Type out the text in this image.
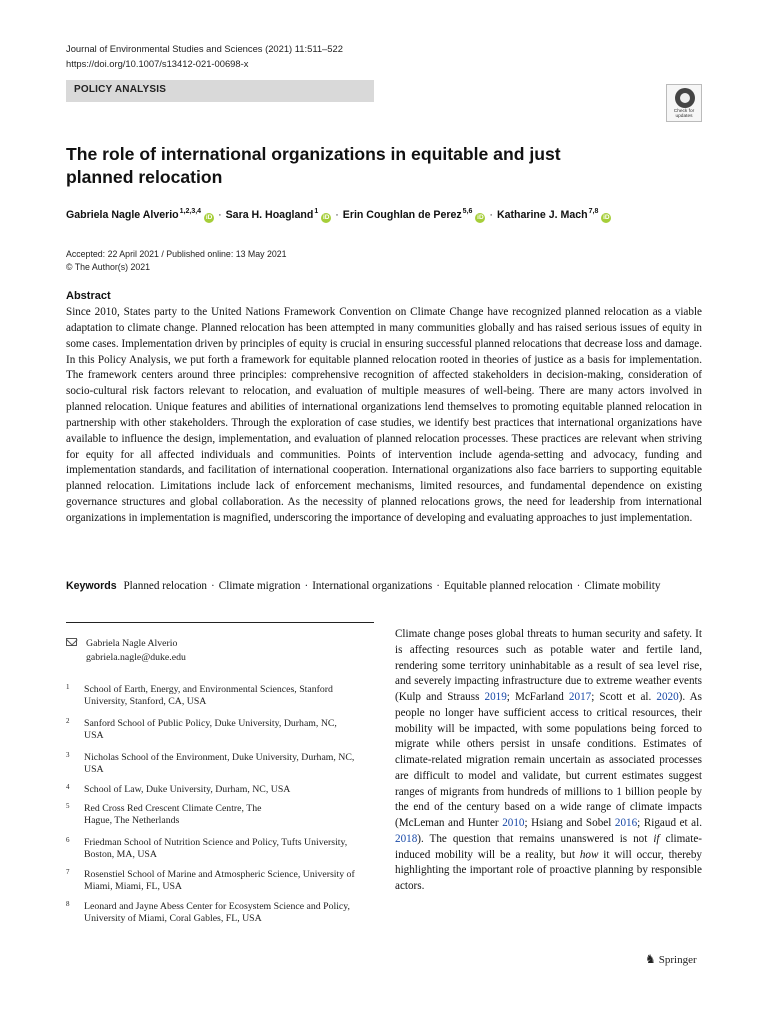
Journal of Environmental Studies and Sciences (2021) 11:511–522
https://doi.org/10.1007/s13412-021-00698-x
POLICY ANALYSIS
Check for
updates
The role of international organizations in equitable and just planned relocation
Gabriela Nagle Alverio$^{1,2,3,4}$iD · Sara H. Hoagland$^1$iD · Erin Coughlan de Perez$^{5,6}$iD · Katharine J. Mach$^{7,8}$iD
Accepted: 22 April 2021 / Published online: 13 May 2021
© The Author(s) 2021
Abstract
Since 2010, States party to the United Nations Framework Convention on Climate Change have recognized planned relocation as a viable adaptation to climate change. Planned relocation has been attempted in many communities globally and has raised serious issues of equity in some cases. Implementation driven by principles of equity is crucial in ensuring successful planned relocations that decrease loss and damage. In this Policy Analysis, we put forth a framework for equitable planned relocation rooted in theories of justice as a basis for implementation. The framework centers around three principles: comprehensive recognition of affected stakeholders in decision-making, consideration of socio-cultural risk factors relevant to relocation, and evaluation of multiple measures of well-being. There are many actors involved in planned relocation. Unique features and abilities of international organizations lend themselves to promoting equitable planned relocation in partnership with other stakeholders. Through the exploration of case studies, we identify best practices that international organizations have available to influence the design, implementation, and evaluation of planned relocation processes. These practices are relevant when striving for equity for all affected individuals and communities. Points of intervention include agenda-setting and advocacy, funding and implementation standards, and facilitation of international cooperation. International organizations also face barriers to supporting equitable planned relocation. Limitations include lack of enforcement mechanisms, limited resources, and fundamental dependence on existing governance structures and global collaboration. As the necessity of planned relocations grows, the need for leadership from international organizations in implementation is magnified, underscoring the importance of developing and evaluating approaches to just implementation.
Keywords Planned relocation · Climate migration · International organizations · Equitable planned relocation · Climate mobility
Gabriela Nagle Alverio
gabriela.nagle@duke.edu
1 School of Earth, Energy, and Environmental Sciences, Stanford
University, Stanford, CA, USA
2 Sanford School of Public Policy, Duke University, Durham, NC,
USA
3 Nicholas School of the Environment, Duke University, Durham, NC,
USA
4 School of Law, Duke University, Durham, NC, USA
5 Red Cross Red Crescent Climate Centre, The
Hague, The Netherlands
6 Friedman School of Nutrition Science and Policy, Tufts University,
Boston, MA, USA
7 Rosenstiel School of Marine and Atmospheric Science, University of
Miami, Miami, FL, USA
8 Leonard and Jayne Abess Center for Ecosystem Science and Policy,
University of Miami, Coral Gables, FL, USA
Climate change poses global threats to human security and safety. It is affecting resources such as potable water and fertile land, rendering some territory uninhabitable as a result of sea level rise, and severely impacting infrastructure due to extreme weather events (Kulp and Strauss 2019; McFarland 2017; Scott et al. 2020). As people no longer have sufficient access to critical resources, their mobility will be impacted, with some populations being forced to migrate while others persist in unsafe conditions. Estimates of climate-related migration remain uncertain as associated processes are difficult to model and validate, but current estimates suggest ranges of migrants from hundreds of millions to 1 billion people by the end of the century based on a wide range of climate impacts (McLeman and Hunter 2010; Hsiang and Sobel 2016; Rigaud et al. 2018). The question that remains unanswered is not if climate-induced mobility will be a reality, but how it will occur, thereby highlighting the important role of proactive planning by responsible actors.
♞ Springer
